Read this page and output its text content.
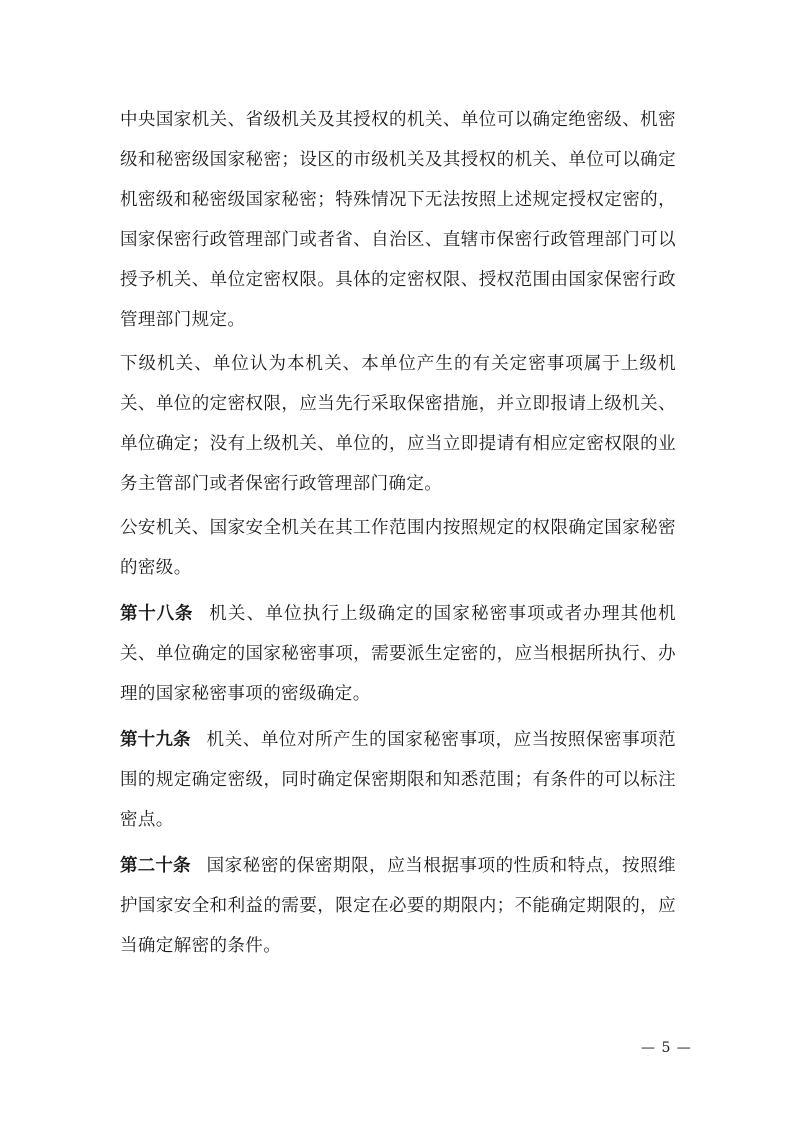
中央国家机关、省级机关及其授权的机关、单位可以确定绝密级、机密级和秘密级国家秘密；设区的市级机关及其授权的机关、单位可以确定机密级和秘密级国家秘密；特殊情况下无法按照上述规定授权定密的，国家保密行政管理部门或者省、自治区、直辖市保密行政管理部门可以授予机关、单位定密权限。具体的定密权限、授权范围由国家保密行政管理部门规定。

下级机关、单位认为本机关、本单位产生的有关定密事项属于上级机关、单位的定密权限，应当先行采取保密措施，并立即报请上级机关、单位确定；没有上级机关、单位的，应当立即提请有相应定密权限的业务主管部门或者保密行政管理部门确定。

公安机关、国家安全机关在其工作范围内按照规定的权限确定国家秘密的密级。

第十八条 机关、单位执行上级确定的国家秘密事项或者办理其他机关、单位确定的国家秘密事项，需要派生定密的，应当根据所执行、办理的国家秘密事项的密级确定。

第十九条 机关、单位对所产生的国家秘密事项，应当按照保密事项范围的规定确定密级，同时确定保密期限和知悉范围；有条件的可以标注密点。

第二十条 国家秘密的保密期限，应当根据事项的性质和特点，按照维护国家安全和利益的需要，限定在必要的期限内；不能确定期限的，应当确定解密的条件。

— 5 —
